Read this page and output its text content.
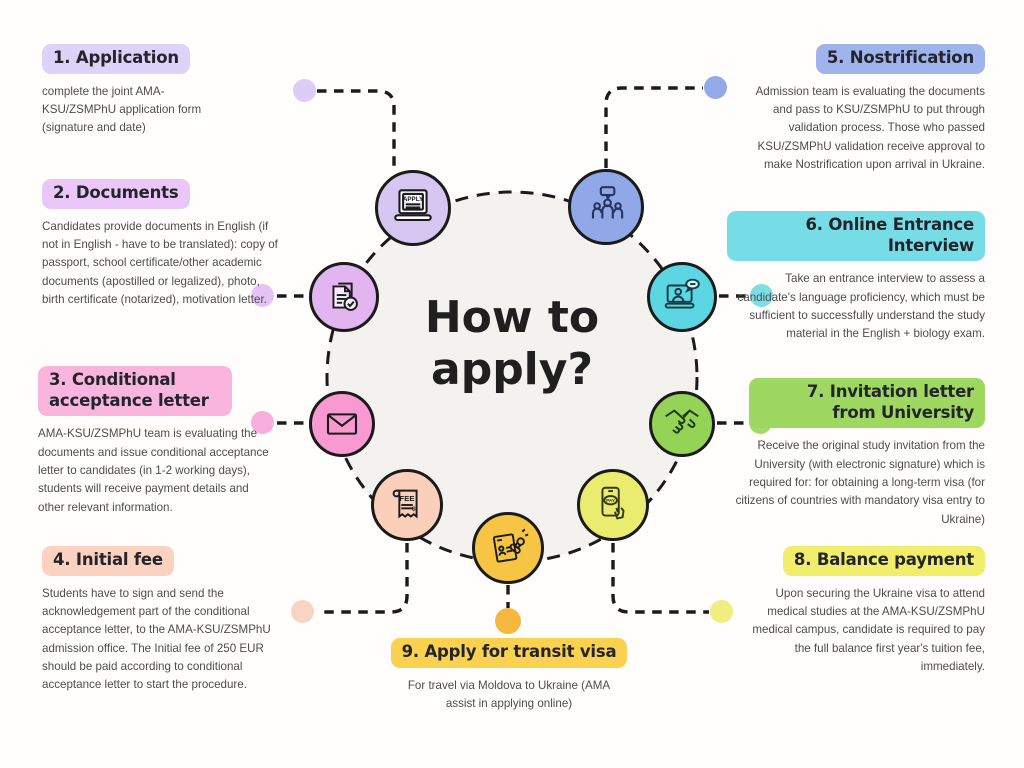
How to apply?
APPLY
FEE
$
PAY
1. Application
complete the joint AMA-KSU/ZSMPhU application form (signature and date)
2. Documents
Candidates provide documents in English (if not in English - have to be translated): copy of passport, school certificate/other academic documents (apostilled or legalized), photo, birth certificate (notarized), motivation letter.
3. Conditional acceptance letter
AMA-KSU/ZSMPhU team is evaluating the documents and issue conditional acceptance letter to candidates (in 1-2 working days), students will receive payment details and other relevant information.
4. Initial fee
Students have to sign and send the acknowledgement part of the conditional acceptance letter, to the AMA-KSU/ZSMPhU admission office. The Initial fee of 250 EUR should be paid according to conditional acceptance letter to start the procedure.
5. Nostrification
Admission team is evaluating the documents and pass to KSU/ZSMPhU to put through validation process. Those who passed KSU/ZSMPhU validation receive approval to make Nostrification upon arrival in Ukraine.
6. Online Entrance Interview
Take an entrance interview to assess a candidate's language proficiency, which must be sufficient to successfully understand the study material in the English + biology exam.
7. Invitation letter from University
Receive the original study invitation from the University (with electronic signature) which is required for: for obtaining a long-term visa (for citizens of countries with mandatory visa entry to Ukraine)
8. Balance payment
Upon securing the Ukraine visa to attend medical studies at the AMA-KSU/ZSMPhU medical campus, candidate is required to pay the full balance first year's tuition fee, immediately.
9. Apply for transit visa
For travel via Moldova to Ukraine (AMA assist in applying online)
